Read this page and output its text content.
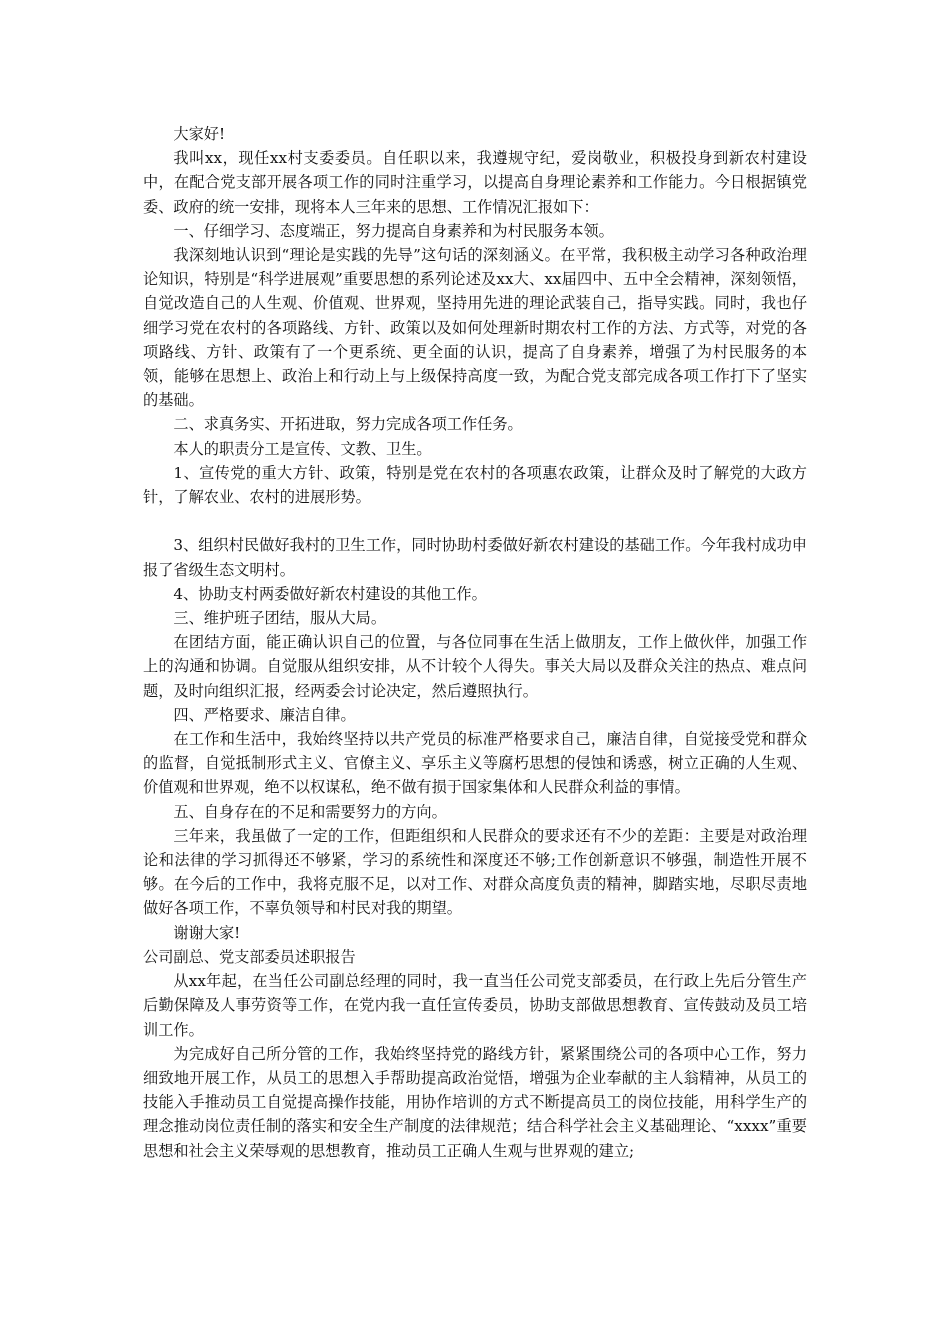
大家好!

我叫xx，现任xx村支委委员。自任职以来，我遵规守纪，爱岗敬业，积极投身到新农村建设中，在配合党支部开展各项工作的同时注重学习，以提高自身理论素养和工作能力。今日根据镇党委、政府的统一安排，现将本人三年来的思想、工作情况汇报如下：

一、仔细学习、态度端正，努力提高自身素养和为村民服务本领。

我深刻地认识到“理论是实践的先导”这句话的深刻涵义。在平常，我积极主动学习各种政治理论知识，特别是“科学进展观”重要思想的系列论述及xx大、xx届四中、五中全会精神，深刻领悟，自觉改造自己的人生观、价值观、世界观，坚持用先进的理论武装自己，指导实践。同时，我也仔细学习党在农村的各项路线、方针、政策以及如何处理新时期农村工作的方法、方式等，对党的各项路线、方针、政策有了一个更系统、更全面的认识，提高了自身素养，增强了为村民服务的本领，能够在思想上、政治上和行动上与上级保持高度一致，为配合党支部完成各项工作打下了坚实的基础。

二、求真务实、开拓进取，努力完成各项工作任务。

本人的职责分工是宣传、文教、卫生。

1、宣传党的重大方针、政策，特别是党在农村的各项惠农政策，让群众及时了解党的大政方针，了解农业、农村的进展形势。

3、组织村民做好我村的卫生工作，同时协助村委做好新农村建设的基础工作。今年我村成功申报了省级生态文明村。

4、协助支村两委做好新农村建设的其他工作。

三、维护班子团结，服从大局。

在团结方面，能正确认识自己的位置，与各位同事在生活上做朋友，工作上做伙伴，加强工作上的沟通和协调。自觉服从组织安排，从不计较个人得失。事关大局以及群众关注的热点、难点问题，及时向组织汇报，经两委会讨论决定，然后遵照执行。

四、严格要求、廉洁自律。

在工作和生活中，我始终坚持以共产党员的标准严格要求自己，廉洁自律，自觉接受党和群众的监督，自觉抵制形式主义、官僚主义、享乐主义等腐朽思想的侵蚀和诱惑，树立正确的人生观、价值观和世界观，绝不以权谋私，绝不做有损于国家集体和人民群众利益的事情。

五、自身存在的不足和需要努力的方向。

三年来，我虽做了一定的工作，但距组织和人民群众的要求还有不少的差距：主要是对政治理论和法律的学习抓得还不够紧，学习的系统性和深度还不够;工作创新意识不够强，制造性开展不够。在今后的工作中，我将克服不足，以对工作、对群众高度负责的精神，脚踏实地，尽职尽责地做好各项工作，不辜负领导和村民对我的期望。

谢谢大家!

公司副总、党支部委员述职报告

从xx年起，在当任公司副总经理的同时，我一直当任公司党支部委员，在行政上先后分管生产后勤保障及人事劳资等工作，在党内我一直任宣传委员，协助支部做思想教育、宣传鼓动及员工培训工作。

为完成好自己所分管的工作，我始终坚持党的路线方针，紧紧围绕公司的各项中心工作，努力细致地开展工作，从员工的思想入手帮助提高政治觉悟，增强为企业奉献的主人翁精神，从员工的技能入手推动员工自觉提高操作技能，用协作培训的方式不断提高员工的岗位技能，用科学生产的理念推动岗位责任制的落实和安全生产制度的法律规范；结合科学社会主义基础理论、“xxxx”重要思想和社会主义荣辱观的思想教育，推动员工正确人生观与世界观的建立;
